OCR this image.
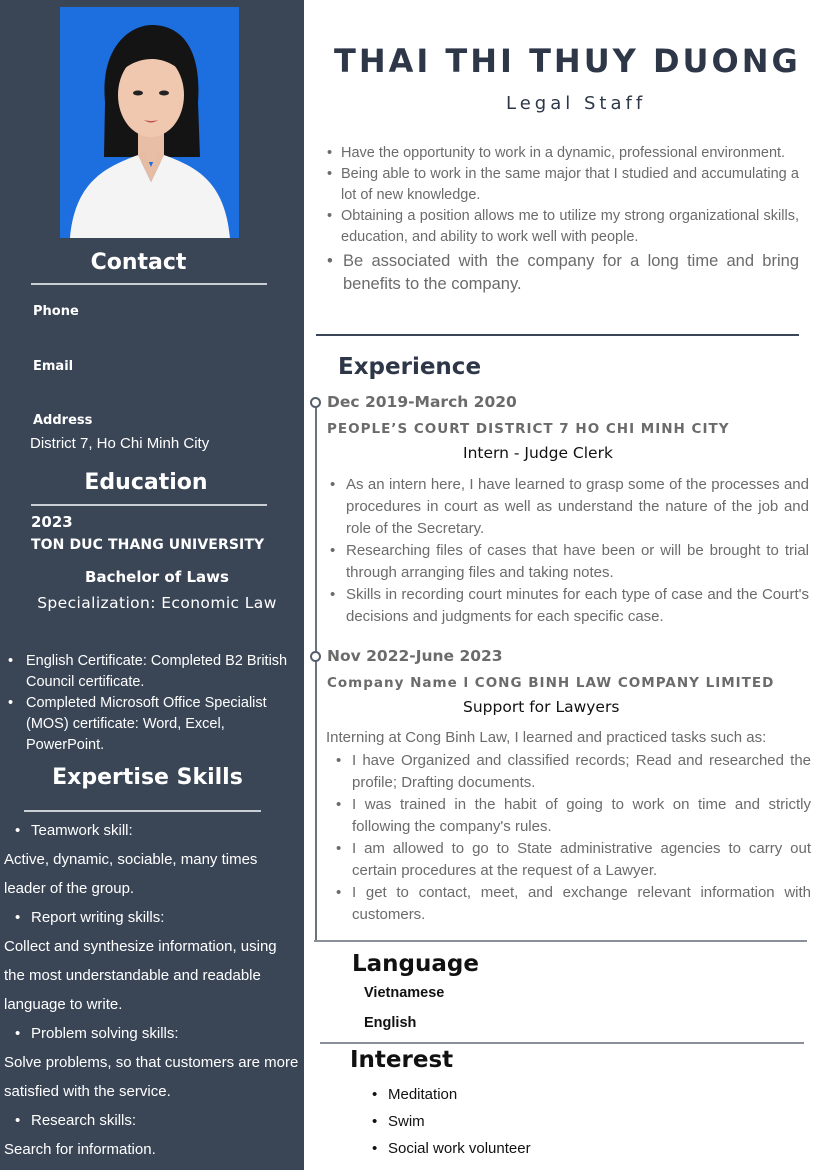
Contact
Phone
Email
Address
District 7, Ho Chi Minh City
Education
2023
TON DUC THANG UNIVERSITY
Bachelor of Laws
Specialization: Economic Law
• English Certificate: Completed B2 British Council certificate.
• Completed Microsoft Office Specialist (MOS) certificate: Word, Excel, PowerPoint.
Expertise Skills
• Teamwork skill:
Active, dynamic, sociable, many times leader of the group.
• Report writing skills:
Collect and synthesize information, using the most understandable and readable language to write.
• Problem solving skills:
Solve problems, so that customers are more satisfied with the service.
• Research skills:
Search for information.
THAI THI THUY DUONG
Legal Staff
• Have the opportunity to work in a dynamic, professional environment.
• Being able to work in the same major that I studied and accumulating a lot of new knowledge.
• Obtaining a position allows me to utilize my strong organizational skills, education, and ability to work well with people.
• Be associated with the company for a long time and bring benefits to the company.
Experience
Dec 2019-March 2020
PEOPLE’S COURT DISTRICT 7 HO CHI MINH CITY
Intern - Judge Clerk
• As an intern here, I have learned to grasp some of the processes and procedures in court as well as understand the nature of the job and role of the Secretary.
• Researching files of cases that have been or will be brought to trial through arranging files and taking notes.
• Skills in recording court minutes for each type of case and the Court's decisions and judgments for each specific case.
Nov 2022-June 2023
Company Name l CONG BINH LAW COMPANY LIMITED
Support for Lawyers
Interning at Cong Binh Law, I learned and practiced tasks such as:
• I have Organized and classified records; Read and researched the profile; Drafting documents.
• I was trained in the habit of going to work on time and strictly following the company's rules.
• I am allowed to go to State administrative agencies to carry out certain procedures at the request of a Lawyer.
• I get to contact, meet, and exchange relevant information with customers.
Language
Vietnamese
English
Interest
• Meditation
• Swim
• Social work volunteer
